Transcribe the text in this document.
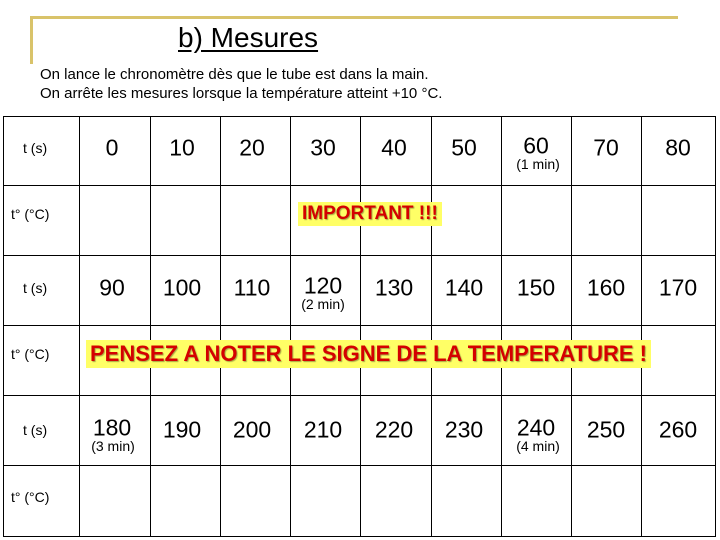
b) Mesures
On lance le chronomètre dès que le tube est dans la main.
On arrête les mesures lorsque la température atteint +10 °C.
t (s)
t° (°C)
0 10 20 30 40 50 60
(1 min)
70 80
IMPORTANT !!!
t (s)
t° (°C)
90 100 110 120
(2 min)
130 140 150 160 170
PENSEZ A NOTER LE SIGNE DE LA TEMPERATURE !
t (s)
t° (°C)
180
(3 min)
190 200 210 220 230 240
(4 min)
250 260
